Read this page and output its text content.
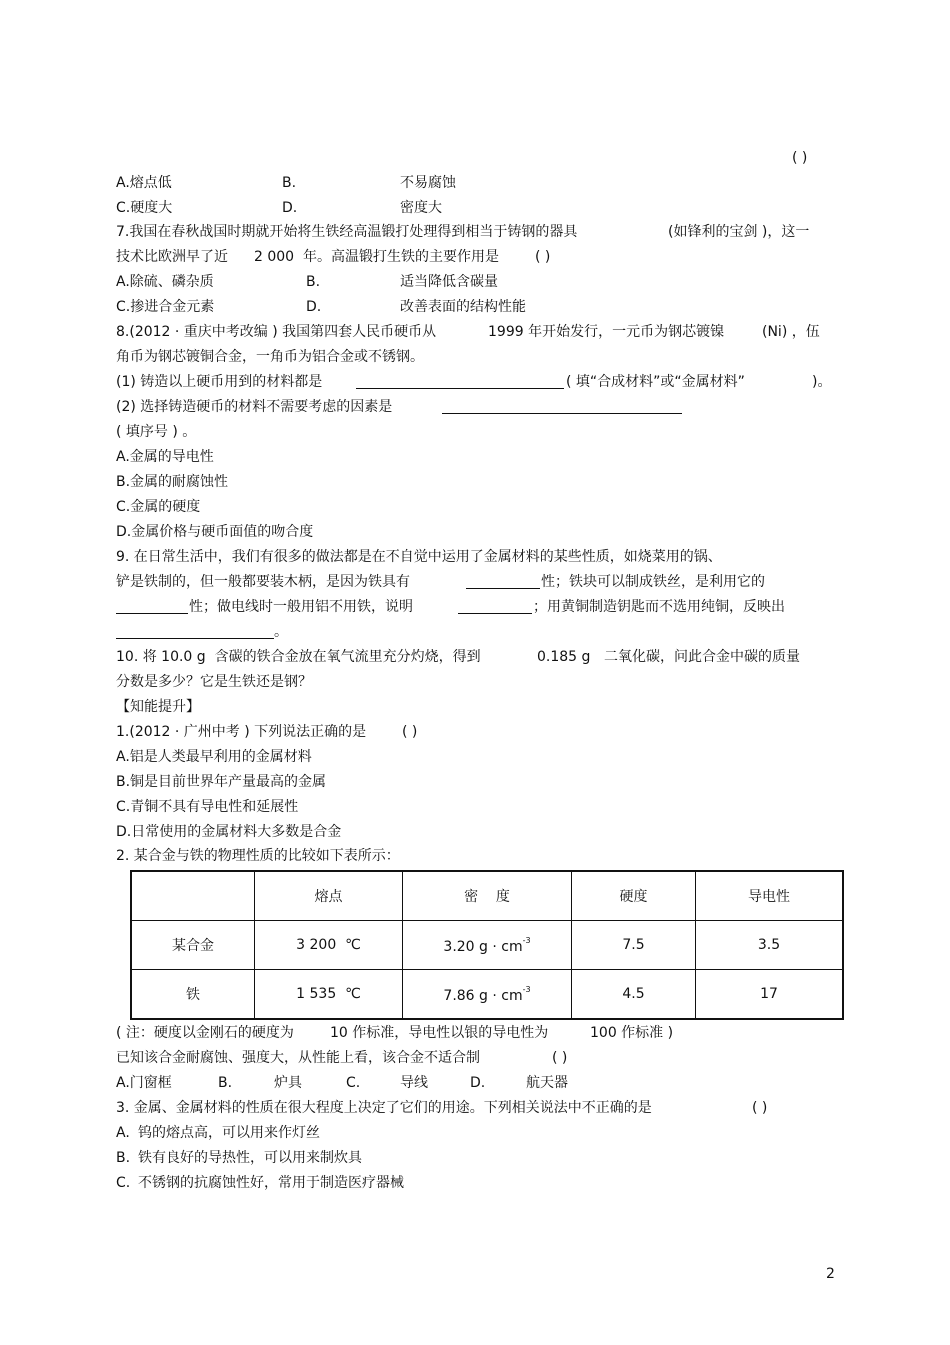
( )
A.熔点低	B.	不易腐蚀
C.硬度大	D.	密度大
7.我国在春秋战国时期就开始将生铁经高温锻打处理得到相当于铸钢的器具	(如锋利的宝剑 )，这一
技术比欧洲早了近 2 000  年。高温锻打生铁的主要作用是	( )
A.除硫、磷杂质	B.	适当降低含碳量
C.掺进合金元素	D.	改善表面的结构性能
8.(2012 · 重庆中考改编 ) 我国第四套人民币硬币从	1999 年开始发行，一元币为钢芯镀镍	(Ni) ，伍
角币为钢芯镀铜合金，一角币为铝合金或不锈钢。
(1) 铸造以上硬币用到的材料都是	( 填“合成材料”或“金属材料”	)。
(2) 选择铸造硬币的材料不需要考虑的因素是
( 填序号 ) 。
A.金属的导电性
B.金属的耐腐蚀性
C.金属的硬度
D.金属价格与硬币面值的吻合度
9. 在日常生活中，我们有很多的做法都是在不自觉中运用了金属材料的某些性质，如烧菜用的锅、
铲是铁制的，但一般都要装木柄，是因为铁具有	性；铁块可以制成铁丝，是利用它的
性；做电线时一般用铝不用铁，说明	；用黄铜制造钥匙而不选用纯铜，反映出
。
10. 将 10.0 g  含碳的铁合金放在氧气流里充分灼烧，得到	0.185 g 二氧化碳，问此合金中碳的质量
分数是多少？它是生铁还是钢？
【知能提升】
1.(2012 · 广州中考 ) 下列说法正确的是	( )
A.铝是人类最早利用的金属材料
B.铜是目前世界年产量最高的金属
C.青铜不具有导电性和延展性
D.日常使用的金属材料大多数是合金
2. 某合金与铁的物理性质的比较如下表所示：
	熔点	密    度	硬度	导电性
某合金	3 200  ℃	3.20 $g \cdot cm^{-3}$	7.5	3.5
铁	1 535  ℃	7.86 $g \cdot cm^{-3}$	4.5	17
( 注：硬度以金刚石的硬度为	10 作标准，导电性以银的导电性为	100 作标准 )
已知该合金耐腐蚀、强度大，从性能上看，该合金不适合制	( )
A.门窗框	B.	炉具	C.	导线	D.	航天器
3. 金属、金属材料的性质在很大程度上决定了它们的用途。下列相关说法中不正确的是	( )
A. 钨的熔点高，可以用来作灯丝
B. 铁有良好的导热性，可以用来制炊具
C. 不锈钢的抗腐蚀性好，常用于制造医疗器械
2
